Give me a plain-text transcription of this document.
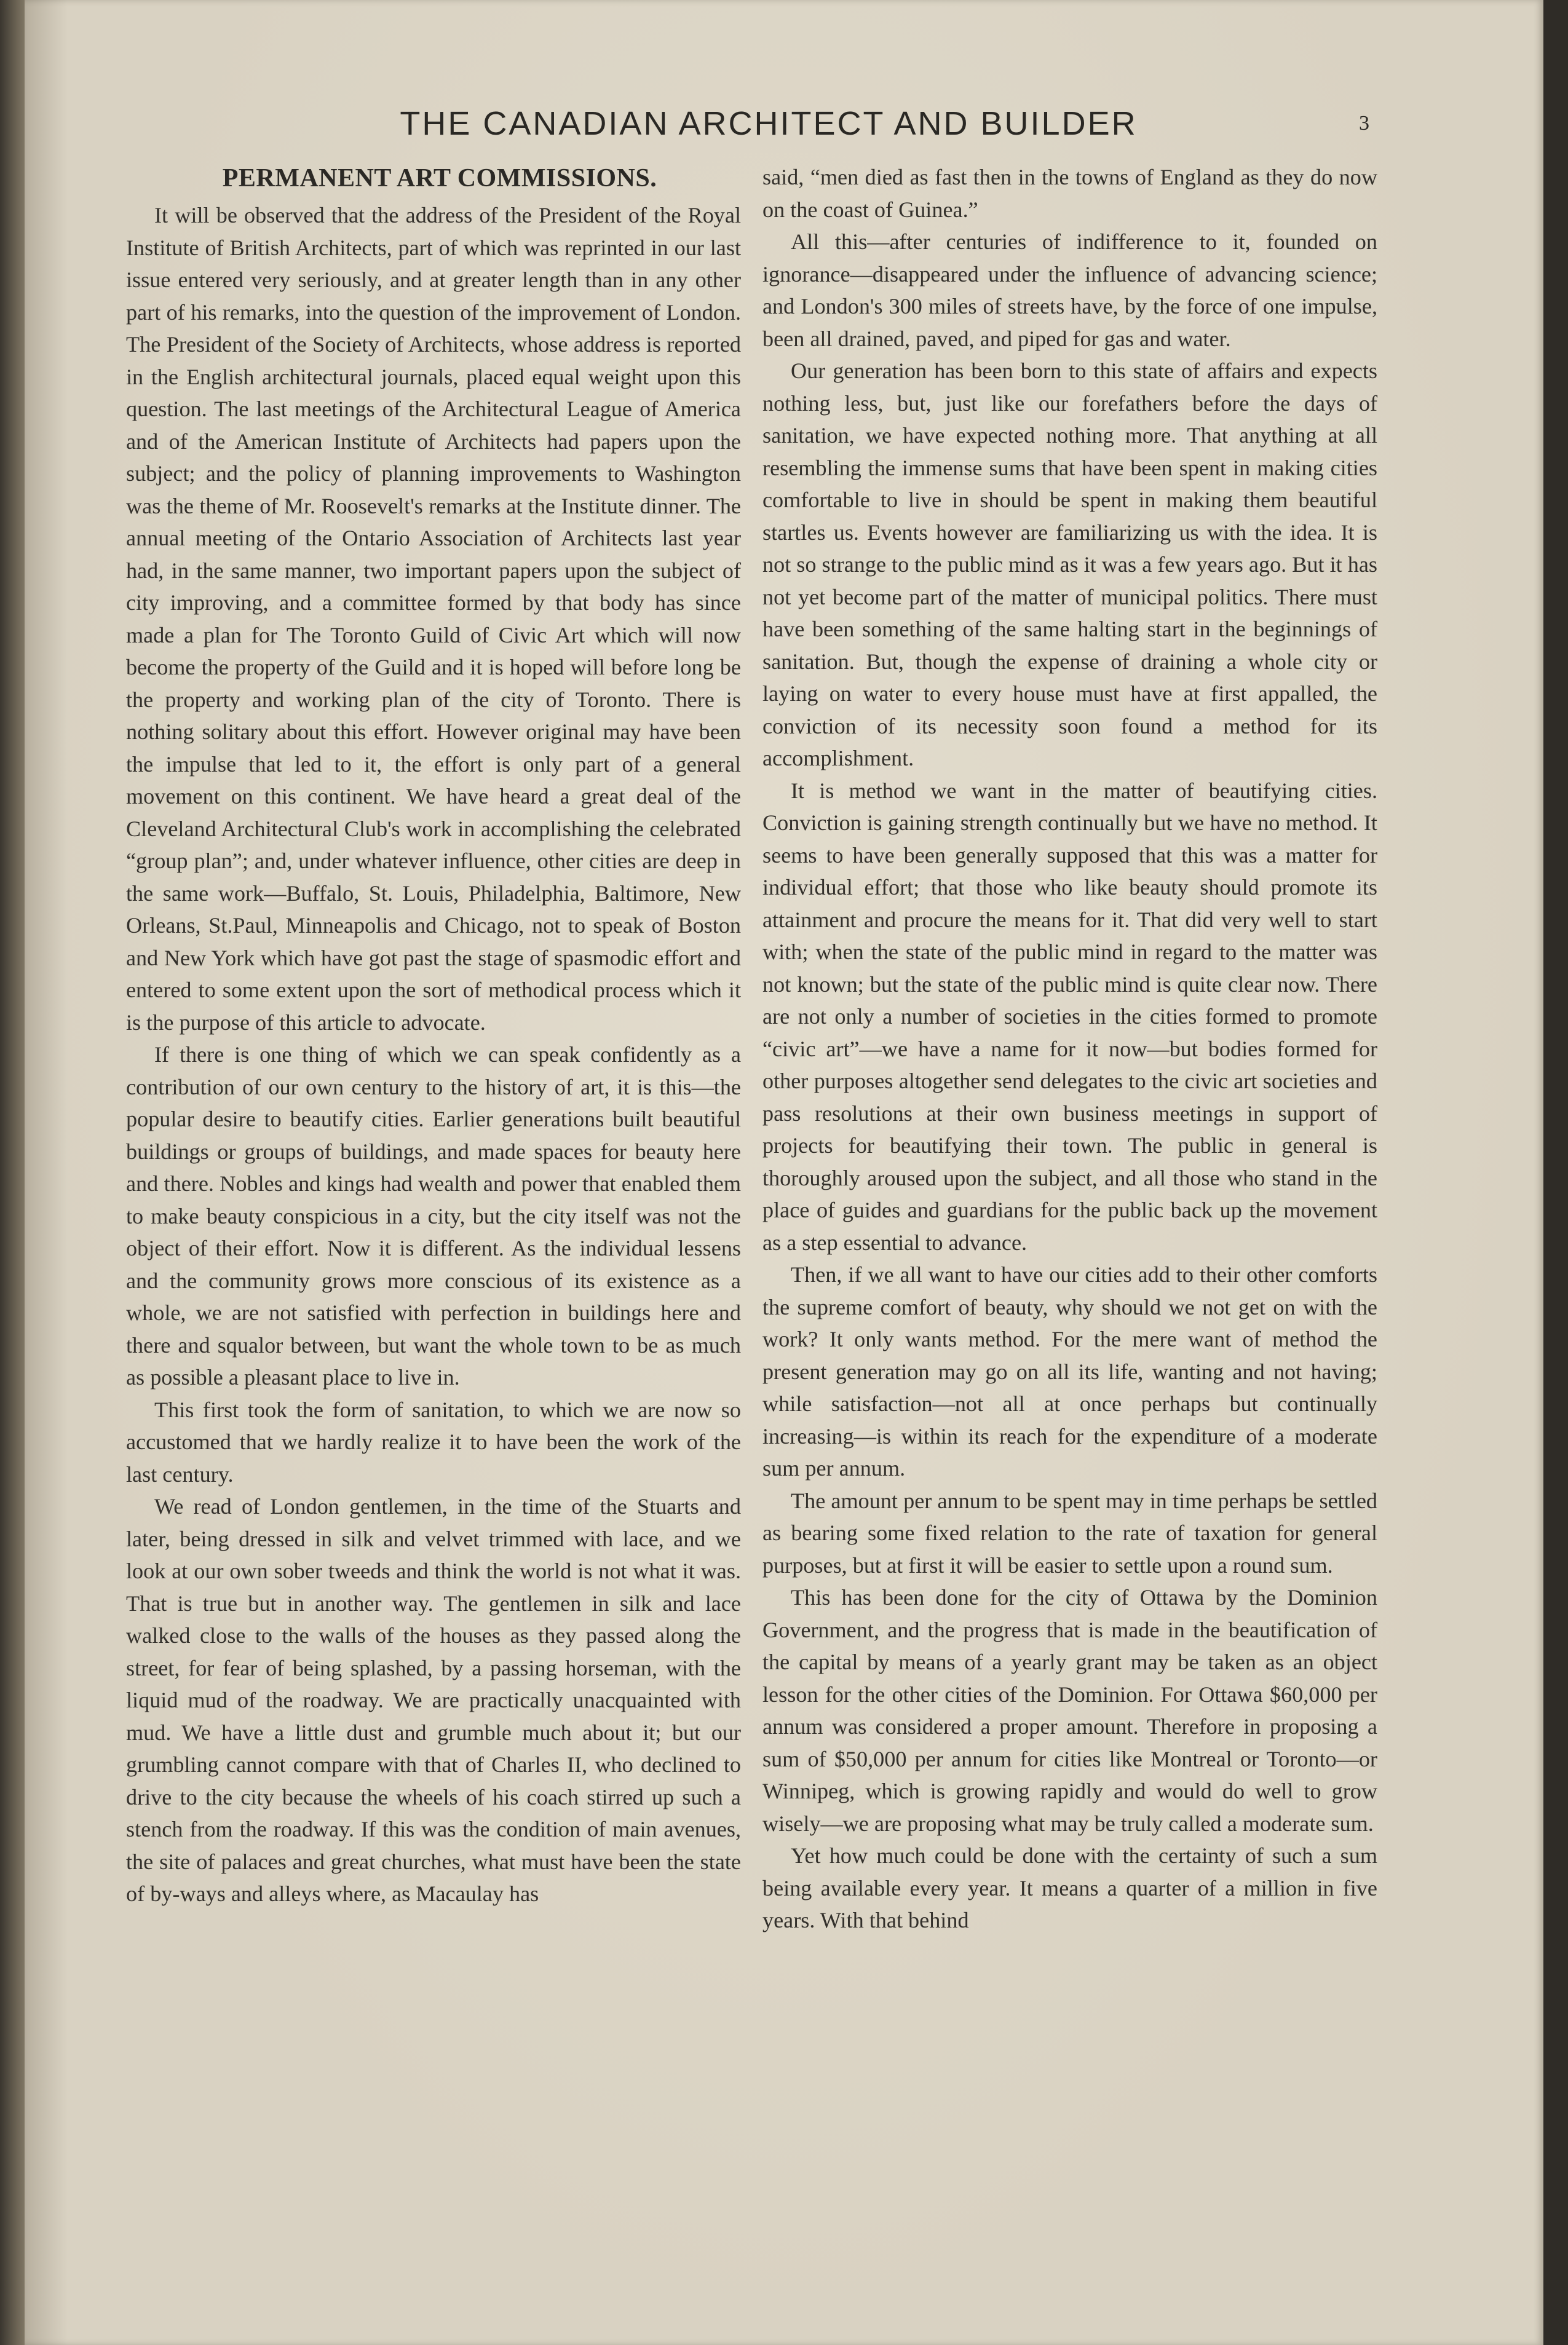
THE CANADIAN ARCHITECT AND BUILDER	3
PERMANENT ART COMMISSIONS.

It will be observed that the address of the President of the Royal Institute of British Architects, part of which was reprinted in our last issue entered very seriously, and at greater length than in any other part of his remarks, into the question of the improvement of London. The President of the Society of Architects, whose address is reported in the English architectural journals, placed equal weight upon this question. The last meetings of the Architectural League of America and of the American Institute of Architects had papers upon the subject; and the policy of planning improvements to Washington was the theme of Mr. Roosevelt's remarks at the Institute dinner. The annual meeting of the Ontario Association of Architects last year had, in the same manner, two important papers upon the subject of city improving, and a committee formed by that body has since made a plan for The Toronto Guild of Civic Art which will now become the property of the Guild and it is hoped will before long be the property and working plan of the city of Toronto. There is nothing solitary about this effort. However original may have been the impulse that led to it, the effort is only part of a general movement on this continent. We have heard a great deal of the Cleveland Architectural Club's work in accomplishing the celebrated “group plan”; and, under whatever influence, other cities are deep in the same work—Buffalo, St. Louis, Philadelphia, Baltimore, New Orleans, St.Paul, Minneapolis and Chicago, not to speak of Boston and New York which have got past the stage of spasmodic effort and entered to some extent upon the sort of methodical process which it is the purpose of this article to advocate.

If there is one thing of which we can speak confidently as a contribution of our own century to the history of art, it is this—the popular desire to beautify cities. Earlier generations built beautiful buildings or groups of buildings, and made spaces for beauty here and there. Nobles and kings had wealth and power that enabled them to make beauty conspicious in a city, but the city itself was not the object of their effort. Now it is different. As the individual lessens and the community grows more conscious of its existence as a whole, we are not satisfied with perfection in buildings here and there and squalor between, but want the whole town to be as much as possible a pleasant place to live in.

This first took the form of sanitation, to which we are now so accustomed that we hardly realize it to have been the work of the last century.

We read of London gentlemen, in the time of the Stuarts and later, being dressed in silk and velvet trimmed with lace, and we look at our own sober tweeds and think the world is not what it was. That is true but in another way. The gentlemen in silk and lace walked close to the walls of the houses as they passed along the street, for fear of being splashed, by a passing horseman, with the liquid mud of the roadway. We are practically unacquainted with mud. We have a little dust and grumble much about it; but our grumbling cannot compare with that of Charles II, who declined to drive to the city because the wheels of his coach stirred up such a stench from the roadway. If this was the condition of main avenues, the site of palaces and great churches, what must have been the state of by-ways and alleys where, as Macaulay has

said, “men died as fast then in the towns of England as they do now on the coast of Guinea.”

All this—after centuries of indifference to it, founded on ignorance—disappeared under the influence of advancing science; and London's 300 miles of streets have, by the force of one impulse, been all drained, paved, and piped for gas and water.

Our generation has been born to this state of affairs and expects nothing less, but, just like our forefathers before the days of sanitation, we have expected nothing more. That anything at all resembling the immense sums that have been spent in making cities comfortable to live in should be spent in making them beautiful startles us. Events however are familiarizing us with the idea. It is not so strange to the public mind as it was a few years ago. But it has not yet become part of the matter of municipal politics. There must have been something of the same halting start in the beginnings of sanitation. But, though the expense of draining a whole city or laying on water to every house must have at first appalled, the conviction of its necessity soon found a method for its accomplishment.

It is method we want in the matter of beautifying cities. Conviction is gaining strength continually but we have no method. It seems to have been generally supposed that this was a matter for individual effort; that those who like beauty should promote its attainment and procure the means for it. That did very well to start with; when the state of the public mind in regard to the matter was not known; but the state of the public mind is quite clear now. There are not only a number of societies in the cities formed to promote “civic art”—we have a name for it now—but bodies formed for other purposes altogether send delegates to the civic art societies and pass resolutions at their own business meetings in support of projects for beautifying their town. The public in general is thoroughly aroused upon the subject, and all those who stand in the place of guides and guardians for the public back up the movement as a step essential to advance.

Then, if we all want to have our cities add to their other comforts the supreme comfort of beauty, why should we not get on with the work? It only wants method. For the mere want of method the present generation may go on all its life, wanting and not having; while satisfaction—not all at once perhaps but continually increasing—is within its reach for the expenditure of a moderate sum per annum.

The amount per annum to be spent may in time perhaps be settled as bearing some fixed relation to the rate of taxation for general purposes, but at first it will be easier to settle upon a round sum.

This has been done for the city of Ottawa by the Dominion Government, and the progress that is made in the beautification of the capital by means of a yearly grant may be taken as an object lesson for the other cities of the Dominion. For Ottawa $60,000 per annum was considered a proper amount. Therefore in proposing a sum of $50,000 per annum for cities like Montreal or Toronto—or Winnipeg, which is growing rapidly and would do well to grow wisely—we are proposing what may be truly called a moderate sum.

Yet how much could be done with the certainty of such a sum being available every year. It means a quarter of a million in five years. With that behind
